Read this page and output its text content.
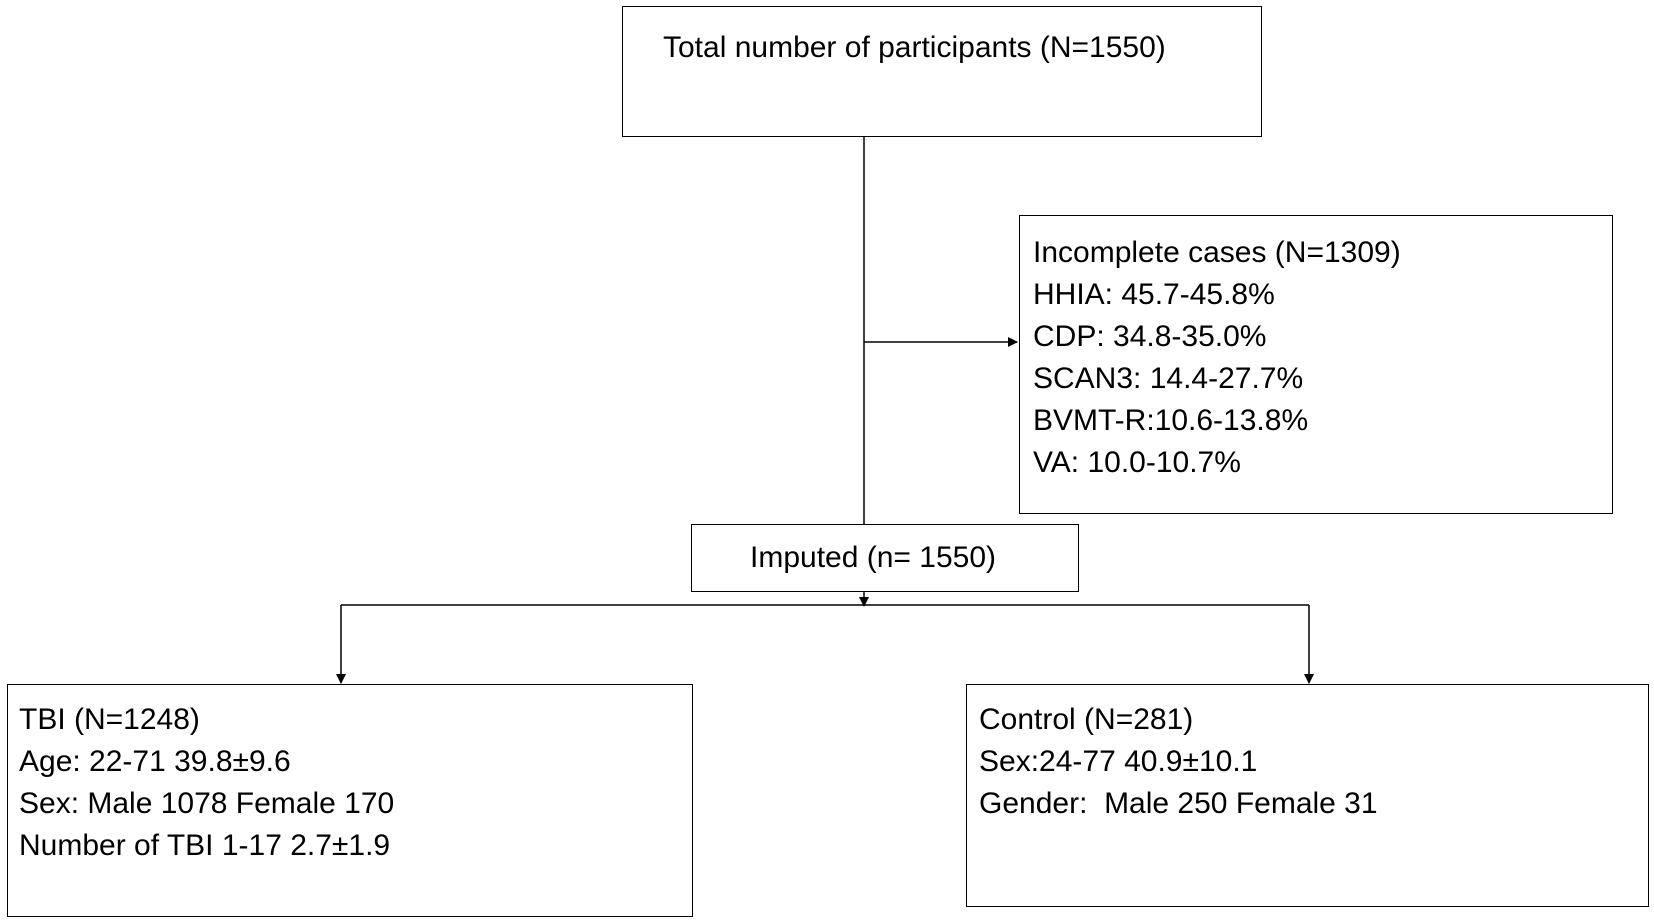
Total number of participants (N=1550)
Incomplete cases (N=1309)
HHIA: 45.7-45.8%
CDP: 34.8-35.0%
SCAN3: 14.4-27.7%
BVMT-R:10.6-13.8%
VA: 10.0-10.7%
Imputed (n= 1550)
TBI (N=1248)
Age: 22-71 39.8±9.6
Sex: Male 1078 Female 170
Number of TBI 1-17 2.7±1.9
Control (N=281)
Sex:24-77 40.9±10.1
Gender:  Male 250 Female 31
